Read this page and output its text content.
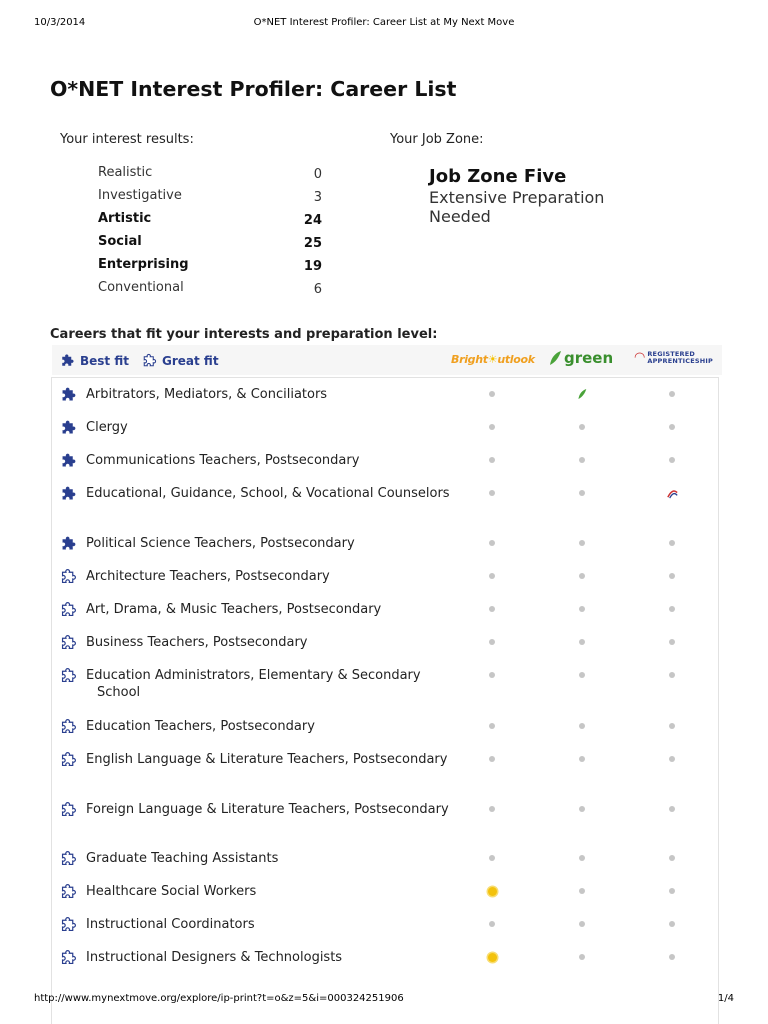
10/3/2014	O*NET Interest Profiler: Career List at My Next Move
O*NET Interest Profiler: Career List
Your interest results:	Your Job Zone:
Realistic	0
Investigative	3
Artistic	24
Social	25
Enterprising	19
Conventional	6
Job Zone Five
Extensive Preparation Needed
Careers that fit your interests and preparation level:
Best fit	Great fit	Bright☀utlook green ◠ REGISTERED
APPRENTICESHIP
Arbitrators, Mediators, & Conciliators
Clergy
Communications Teachers, Postsecondary
Educational, Guidance, School, & Vocational Counselors
Political Science Teachers, Postsecondary
Architecture Teachers, Postsecondary
Art, Drama, & Music Teachers, Postsecondary
Business Teachers, Postsecondary
Education Administrators, Elementary & Secondary School
Education Teachers, Postsecondary
English Language & Literature Teachers, Postsecondary
Foreign Language & Literature Teachers, Postsecondary
Graduate Teaching Assistants
Healthcare Social Workers
Instructional Coordinators
Instructional Designers & Technologists
http://www.mynextmove.org/explore/ip-print?t=o&z=5&i=000324251906	1/4
